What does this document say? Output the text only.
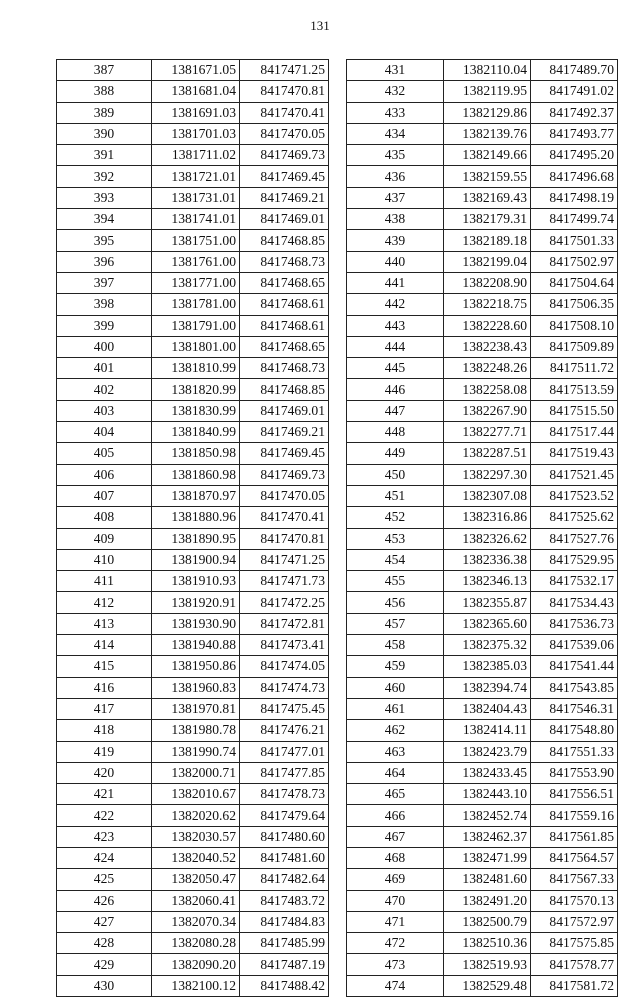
131
387	1381671.05	8417471.25
388	1381681.04	8417470.81
389	1381691.03	8417470.41
390	1381701.03	8417470.05
391	1381711.02	8417469.73
392	1381721.01	8417469.45
393	1381731.01	8417469.21
394	1381741.01	8417469.01
395	1381751.00	8417468.85
396	1381761.00	8417468.73
397	1381771.00	8417468.65
398	1381781.00	8417468.61
399	1381791.00	8417468.61
400	1381801.00	8417468.65
401	1381810.99	8417468.73
402	1381820.99	8417468.85
403	1381830.99	8417469.01
404	1381840.99	8417469.21
405	1381850.98	8417469.45
406	1381860.98	8417469.73
407	1381870.97	8417470.05
408	1381880.96	8417470.41
409	1381890.95	8417470.81
410	1381900.94	8417471.25
411	1381910.93	8417471.73
412	1381920.91	8417472.25
413	1381930.90	8417472.81
414	1381940.88	8417473.41
415	1381950.86	8417474.05
416	1381960.83	8417474.73
417	1381970.81	8417475.45
418	1381980.78	8417476.21
419	1381990.74	8417477.01
420	1382000.71	8417477.85
421	1382010.67	8417478.73
422	1382020.62	8417479.64
423	1382030.57	8417480.60
424	1382040.52	8417481.60
425	1382050.47	8417482.64
426	1382060.41	8417483.72
427	1382070.34	8417484.83
428	1382080.28	8417485.99
429	1382090.20	8417487.19
430	1382100.12	8417488.42
431	1382110.04	8417489.70
432	1382119.95	8417491.02
433	1382129.86	8417492.37
434	1382139.76	8417493.77
435	1382149.66	8417495.20
436	1382159.55	8417496.68
437	1382169.43	8417498.19
438	1382179.31	8417499.74
439	1382189.18	8417501.33
440	1382199.04	8417502.97
441	1382208.90	8417504.64
442	1382218.75	8417506.35
443	1382228.60	8417508.10
444	1382238.43	8417509.89
445	1382248.26	8417511.72
446	1382258.08	8417513.59
447	1382267.90	8417515.50
448	1382277.71	8417517.44
449	1382287.51	8417519.43
450	1382297.30	8417521.45
451	1382307.08	8417523.52
452	1382316.86	8417525.62
453	1382326.62	8417527.76
454	1382336.38	8417529.95
455	1382346.13	8417532.17
456	1382355.87	8417534.43
457	1382365.60	8417536.73
458	1382375.32	8417539.06
459	1382385.03	8417541.44
460	1382394.74	8417543.85
461	1382404.43	8417546.31
462	1382414.11	8417548.80
463	1382423.79	8417551.33
464	1382433.45	8417553.90
465	1382443.10	8417556.51
466	1382452.74	8417559.16
467	1382462.37	8417561.85
468	1382471.99	8417564.57
469	1382481.60	8417567.33
470	1382491.20	8417570.13
471	1382500.79	8417572.97
472	1382510.36	8417575.85
473	1382519.93	8417578.77
474	1382529.48	8417581.72
